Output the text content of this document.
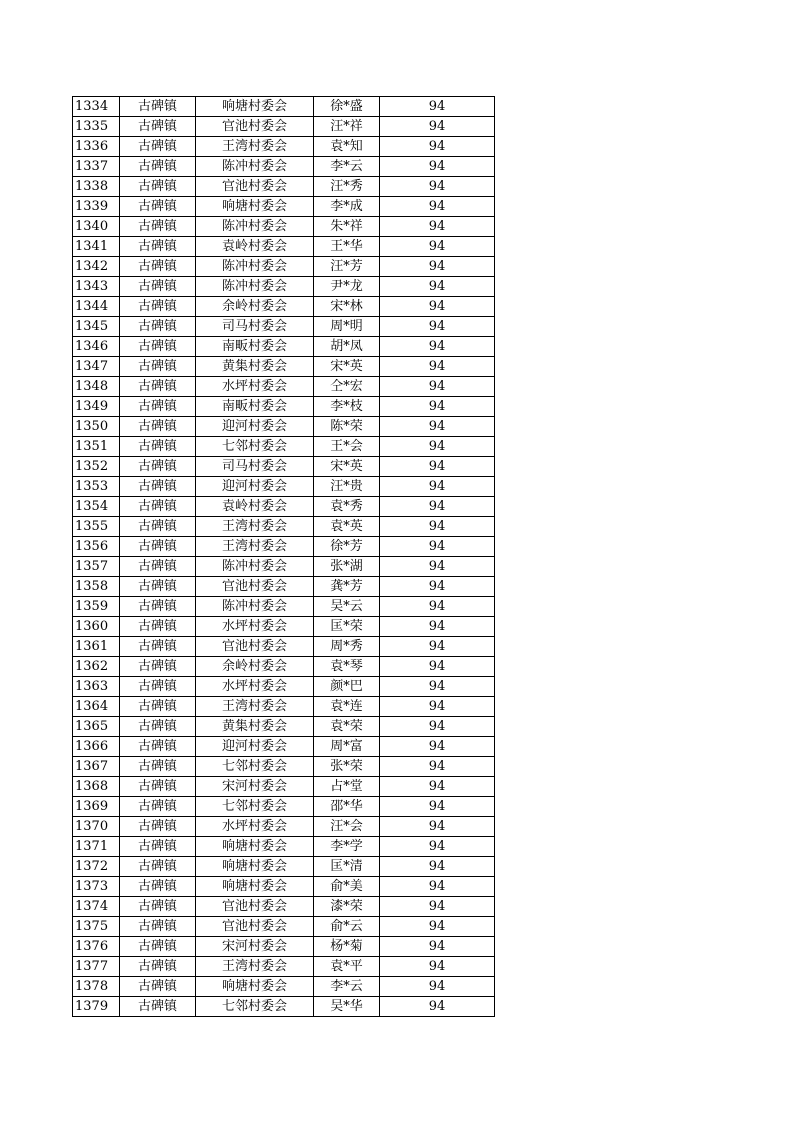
1334	古碑镇	响塘村委会	徐*盛	94
1335	古碑镇	官池村委会	汪*祥	94
1336	古碑镇	王湾村委会	袁*知	94
1337	古碑镇	陈冲村委会	李*云	94
1338	古碑镇	官池村委会	汪*秀	94
1339	古碑镇	响塘村委会	李*成	94
1340	古碑镇	陈冲村委会	朱*祥	94
1341	古碑镇	袁岭村委会	王*华	94
1342	古碑镇	陈冲村委会	汪*芳	94
1343	古碑镇	陈冲村委会	尹*龙	94
1344	古碑镇	余岭村委会	宋*林	94
1345	古碑镇	司马村委会	周*明	94
1346	古碑镇	南畈村委会	胡*凤	94
1347	古碑镇	黄集村委会	宋*英	94
1348	古碑镇	水坪村委会	仝*宏	94
1349	古碑镇	南畈村委会	李*枝	94
1350	古碑镇	迎河村委会	陈*荣	94
1351	古碑镇	七邻村委会	王*会	94
1352	古碑镇	司马村委会	宋*英	94
1353	古碑镇	迎河村委会	汪*贵	94
1354	古碑镇	袁岭村委会	袁*秀	94
1355	古碑镇	王湾村委会	袁*英	94
1356	古碑镇	王湾村委会	徐*芳	94
1357	古碑镇	陈冲村委会	张*湖	94
1358	古碑镇	官池村委会	龚*芳	94
1359	古碑镇	陈冲村委会	吴*云	94
1360	古碑镇	水坪村委会	匡*荣	94
1361	古碑镇	官池村委会	周*秀	94
1362	古碑镇	余岭村委会	袁*琴	94
1363	古碑镇	水坪村委会	颜*巴	94
1364	古碑镇	王湾村委会	袁*连	94
1365	古碑镇	黄集村委会	袁*荣	94
1366	古碑镇	迎河村委会	周*富	94
1367	古碑镇	七邻村委会	张*荣	94
1368	古碑镇	宋河村委会	占*堂	94
1369	古碑镇	七邻村委会	邵*华	94
1370	古碑镇	水坪村委会	汪*会	94
1371	古碑镇	响塘村委会	李*学	94
1372	古碑镇	响塘村委会	匡*清	94
1373	古碑镇	响塘村委会	俞*美	94
1374	古碑镇	官池村委会	漆*荣	94
1375	古碑镇	官池村委会	俞*云	94
1376	古碑镇	宋河村委会	杨*菊	94
1377	古碑镇	王湾村委会	袁*平	94
1378	古碑镇	响塘村委会	李*云	94
1379	古碑镇	七邻村委会	吴*华	94
